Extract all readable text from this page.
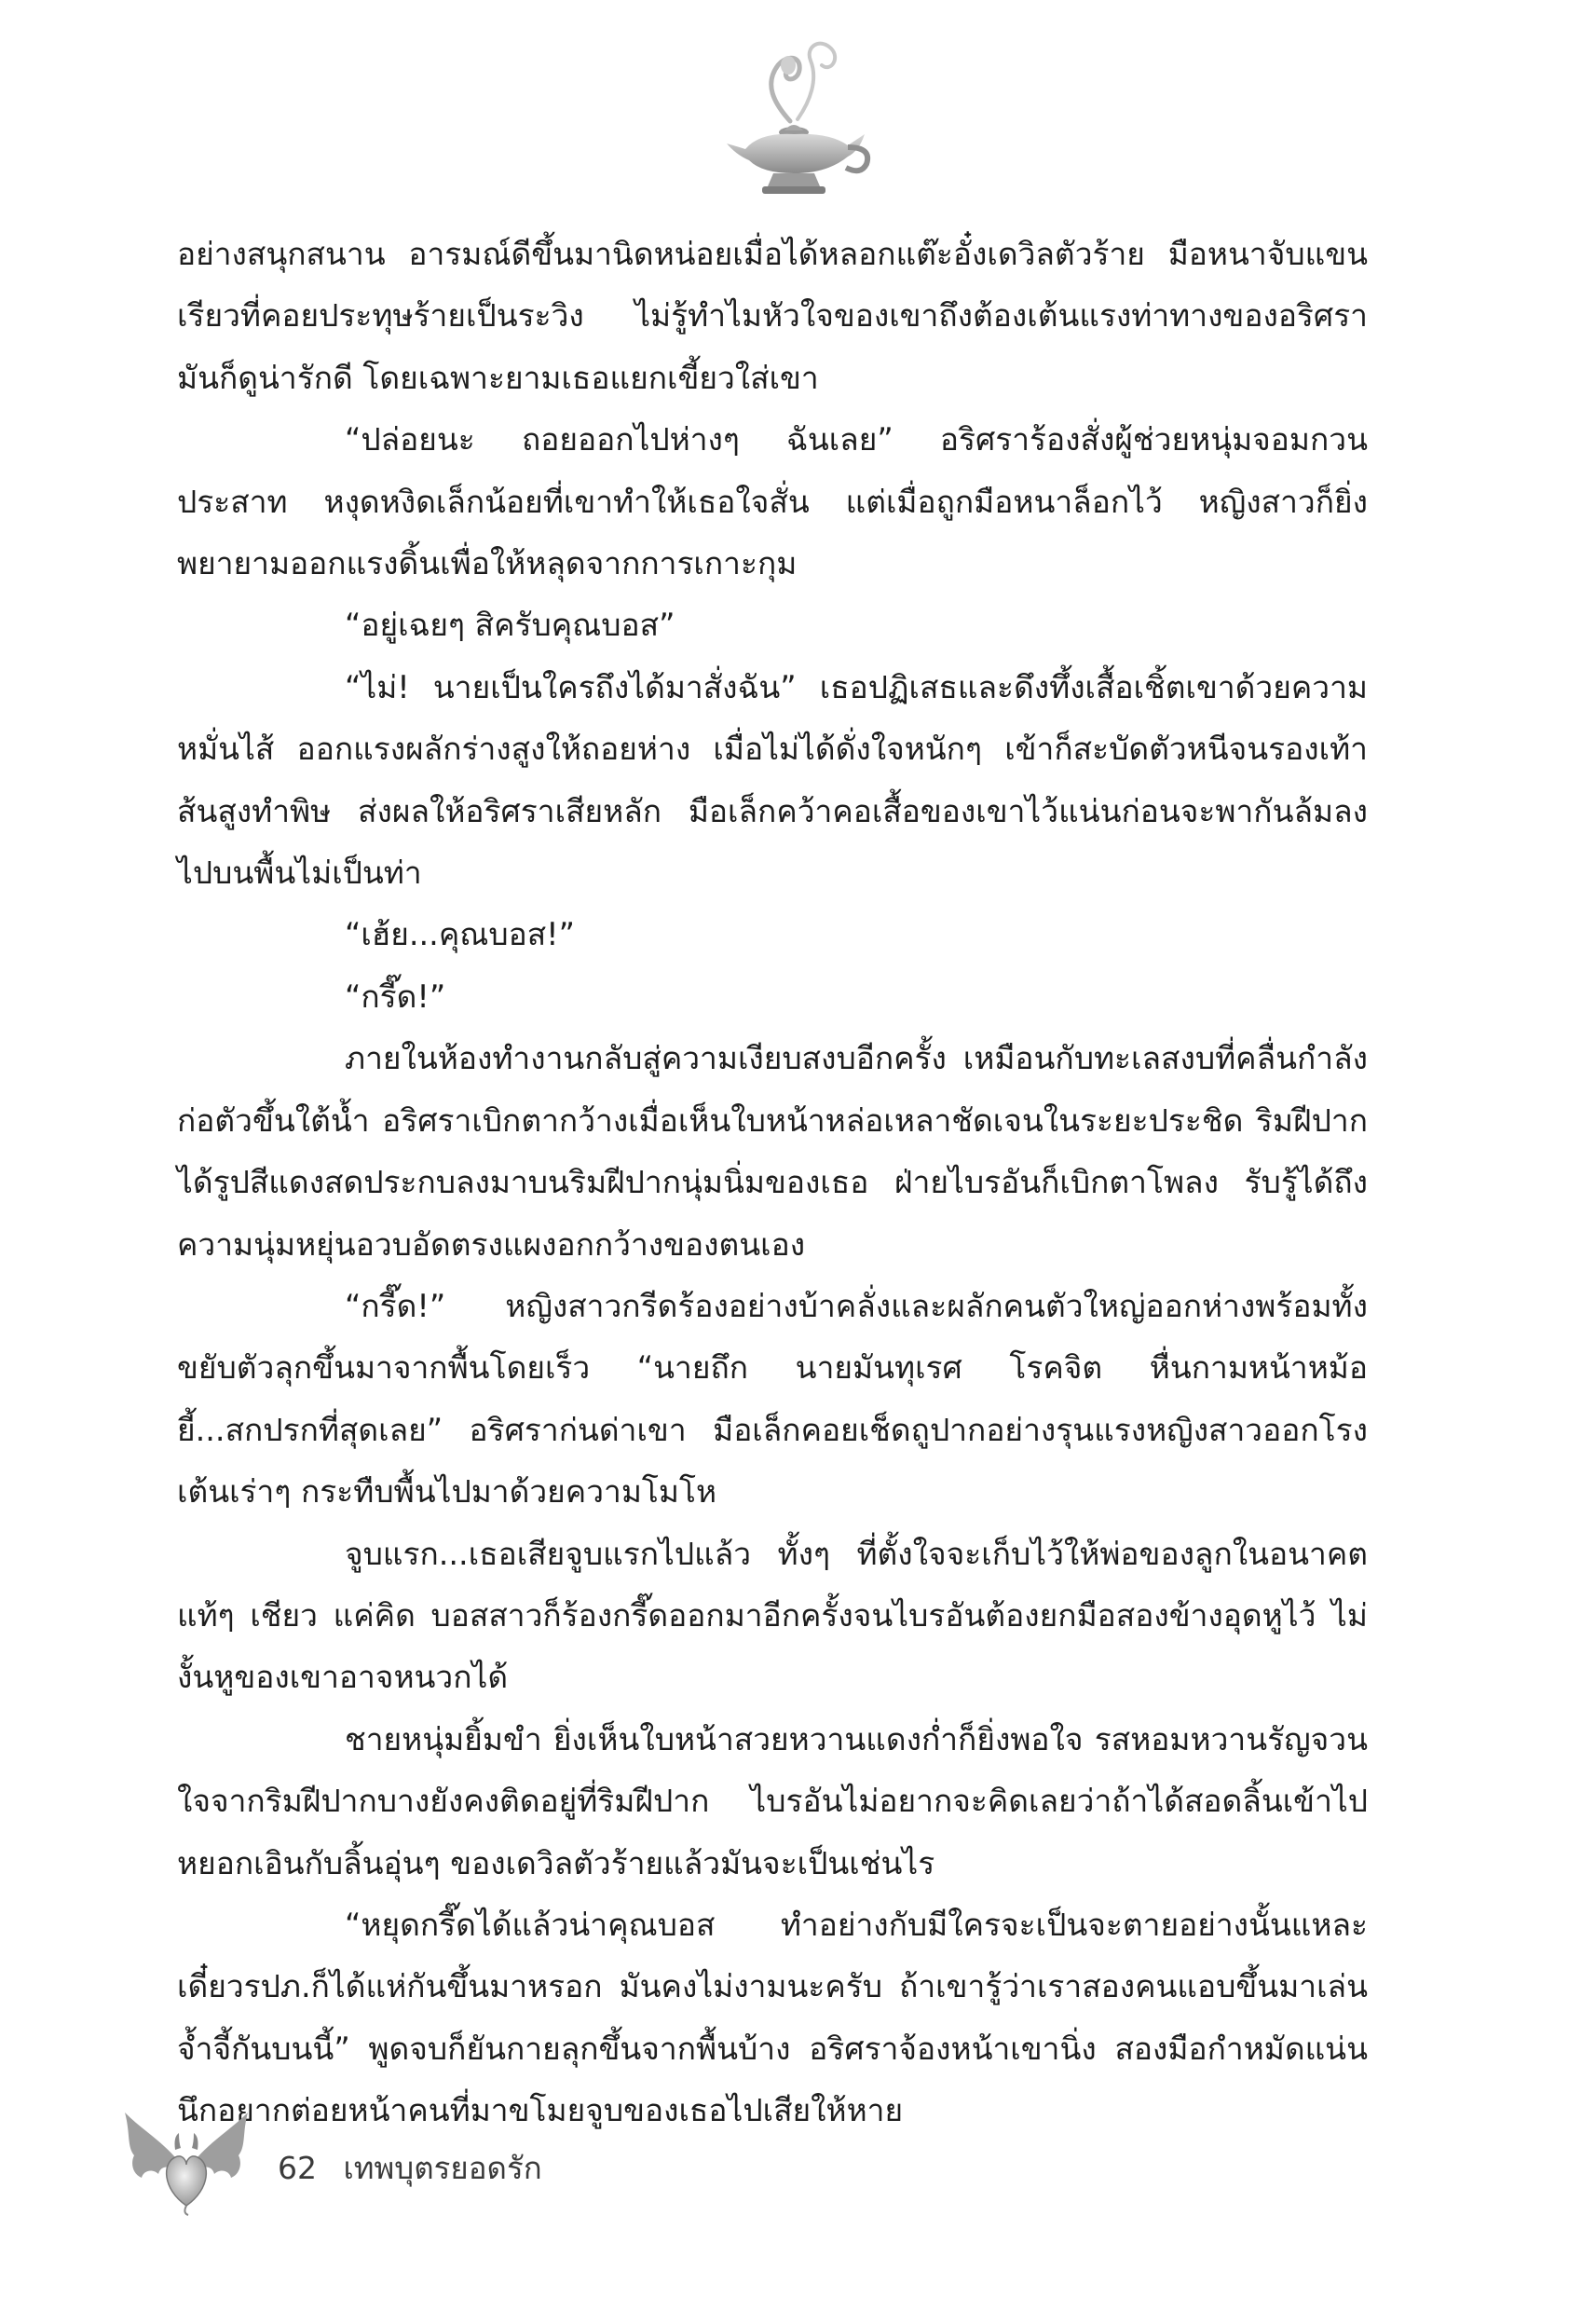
อย่างสนุกสนาน อารมณ์ดีขึ้นมานิดหน่อยเมื่อได้หลอกแต๊ะอั๋งเดวิลตัวร้าย มือหนาจับแขนเรียวที่คอยประทุษร้ายเป็นระวิง ไม่รู้ทำไมหัวใจของเขาถึงต้องเต้นแรงท่าทางของอริศรามันก็ดูน่ารักดี โดยเฉพาะยามเธอแยกเขี้ยวใส่เขา

“ปล่อยนะ ถอยออกไปห่างๆ ฉันเลย” อริศราร้องสั่งผู้ช่วยหนุ่มจอมกวนประสาท หงุดหงิดเล็กน้อยที่เขาทำให้เธอใจสั่น แต่เมื่อถูกมือหนาล็อกไว้ หญิงสาวก็ยิ่งพยายามออกแรงดิ้นเพื่อให้หลุดจากการเกาะกุม

“อยู่เฉยๆ สิครับคุณบอส”

“ไม่! นายเป็นใครถึงได้มาสั่งฉัน” เธอปฏิเสธและดึงทึ้งเสื้อเชิ้ตเขาด้วยความหมั่นไส้ ออกแรงผลักร่างสูงให้ถอยห่าง เมื่อไม่ได้ดั่งใจหนักๆ เข้าก็สะบัดตัวหนีจนรองเท้าส้นสูงทำพิษ ส่งผลให้อริศราเสียหลัก มือเล็กคว้าคอเสื้อของเขาไว้แน่นก่อนจะพากันล้มลงไปบนพื้นไม่เป็นท่า

“เฮ้ย...คุณบอส!”

“กรี๊ด!”

ภายในห้องทำงานกลับสู่ความเงียบสงบอีกครั้ง เหมือนกับทะเลสงบที่คลื่นกำลังก่อตัวขึ้นใต้น้ำ อริศราเบิกตากว้างเมื่อเห็นใบหน้าหล่อเหลาชัดเจนในระยะประชิด ริมฝีปากได้รูปสีแดงสดประกบลงมาบนริมฝีปากนุ่มนิ่มของเธอ ฝ่ายไบรอันก็เบิกตาโพลง รับรู้ได้ถึงความนุ่มหยุ่นอวบอัดตรงแผงอกกว้างของตนเอง

“กรี๊ด!” หญิงสาวกรีดร้องอย่างบ้าคลั่งและผลักคนตัวใหญ่ออกห่างพร้อมทั้งขยับตัวลุกขึ้นมาจากพื้นโดยเร็ว “นายถึก นายมันทุเรศ โรคจิต หื่นกามหน้าหม้อ ยี้...สกปรกที่สุดเลย” อริศราก่นด่าเขา มือเล็กคอยเช็ดถูปากอย่างรุนแรงหญิงสาวออกโรงเต้นเร่าๆ กระทืบพื้นไปมาด้วยความโมโห

จูบแรก...เธอเสียจูบแรกไปแล้ว ทั้งๆ ที่ตั้งใจจะเก็บไว้ให้พ่อของลูกในอนาคตแท้ๆ เชียว แค่คิด บอสสาวก็ร้องกรี๊ดออกมาอีกครั้งจนไบรอันต้องยกมือสองข้างอุดหูไว้ ไม่งั้นหูของเขาอาจหนวกได้

ชายหนุ่มยิ้มขำ ยิ่งเห็นใบหน้าสวยหวานแดงก่ำก็ยิ่งพอใจ รสหอมหวานรัญจวนใจจากริมฝีปากบางยังคงติดอยู่ที่ริมฝีปาก ไบรอันไม่อยากจะคิดเลยว่าถ้าได้สอดลิ้นเข้าไปหยอกเอินกับลิ้นอุ่นๆ ของเดวิลตัวร้ายแล้วมันจะเป็นเช่นไร

“หยุดกรี๊ดได้แล้วน่าคุณบอส ทำอย่างกับมีใครจะเป็นจะตายอย่างนั้นแหละ เดี๋ยวรปภ.ก็ได้แห่กันขึ้นมาหรอก มันคงไม่งามนะครับ ถ้าเขารู้ว่าเราสองคนแอบขึ้นมาเล่นจ้ำจี้กันบนนี้” พูดจบก็ยันกายลุกขึ้นจากพื้นบ้าง อริศราจ้องหน้าเขานิ่ง สองมือกำหมัดแน่น นึกอยากต่อยหน้าคนที่มาขโมยจูบของเธอไปเสียให้หาย

62 เทพบุตรยอดรัก
